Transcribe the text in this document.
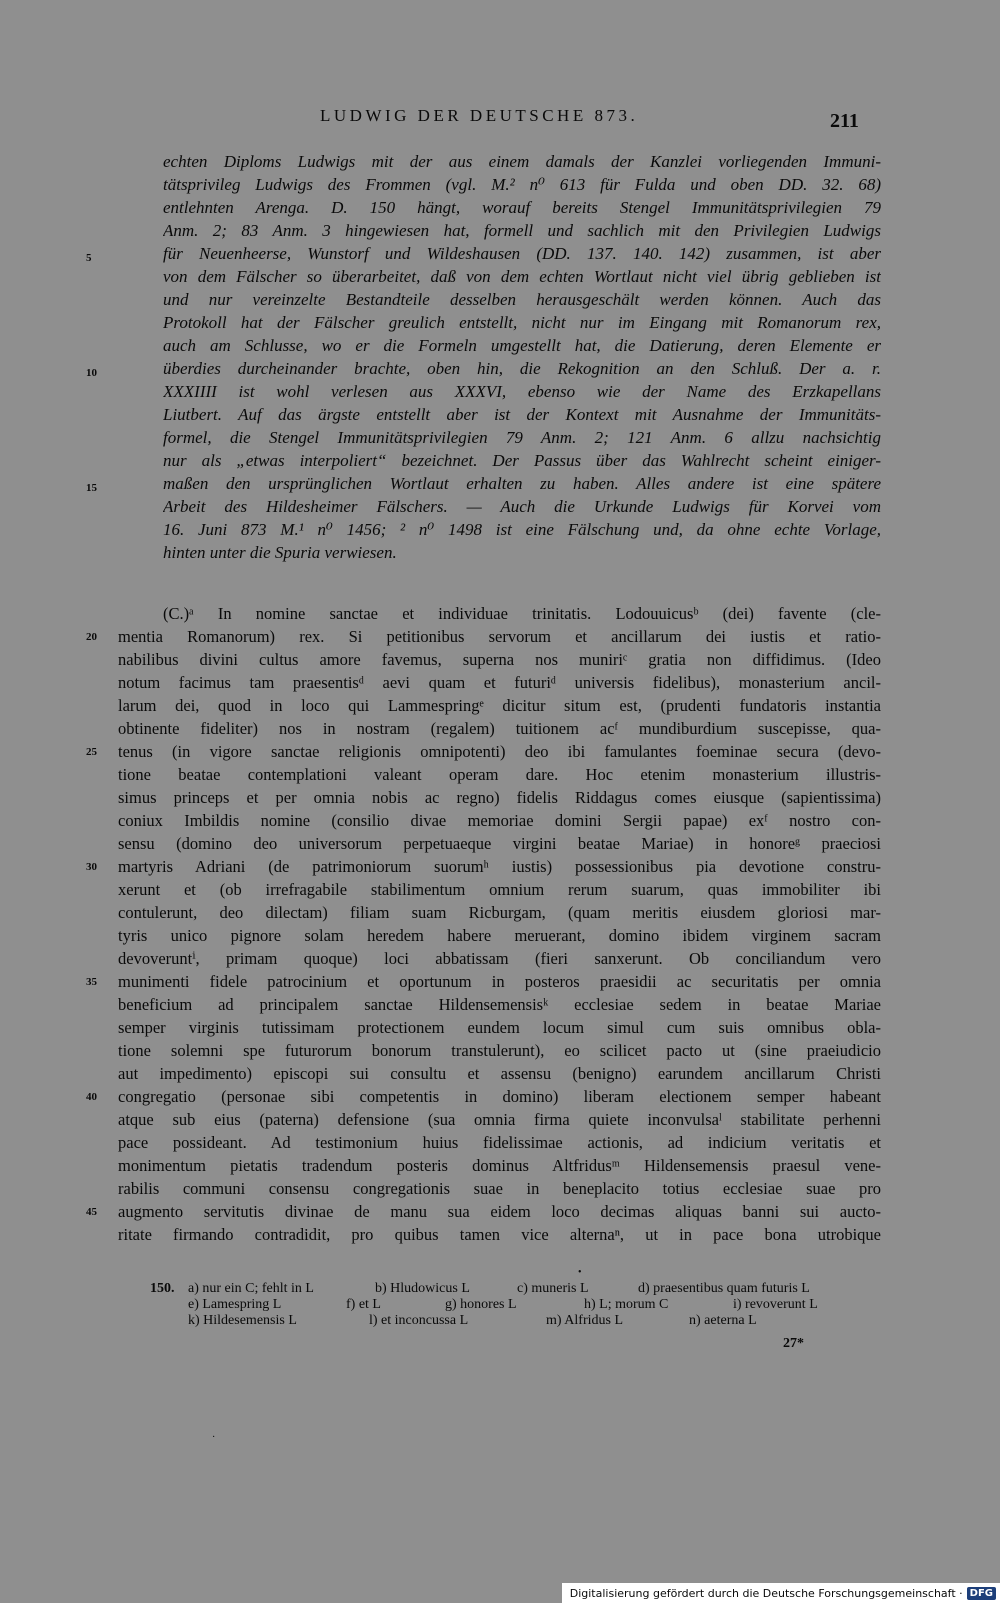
LUDWIG DER DEUTSCHE 873.	211
echten Diploms Ludwigs mit der aus einem damals der Kanzlei vorliegenden Immuni-
tätsprivileg Ludwigs des Frommen (vgl. M.² n⁰ 613 für Fulda und oben DD. 32. 68)
entlehnten Arenga. D. 150 hängt, worauf bereits Stengel Immunitätsprivilegien 79
Anm. 2; 83 Anm. 3 hingewiesen hat, formell und sachlich mit den Privilegien Ludwigs
für Neuenheerse, Wunstorf und Wildeshausen (DD. 137. 140. 142) zusammen, ist aber
von dem Fälscher so überarbeitet, daß von dem echten Wortlaut nicht viel übrig geblieben ist
und nur vereinzelte Bestandteile desselben herausgeschält werden können. Auch das
Protokoll hat der Fälscher greulich entstellt, nicht nur im Eingang mit Romanorum rex,
auch am Schlusse, wo er die Formeln umgestellt hat, die Datierung, deren Elemente er
überdies durcheinander brachte, oben hin, die Rekognition an den Schluß. Der a. r.
XXXIIII ist wohl verlesen aus XXXVI, ebenso wie der Name des Erzkapellans
Liutbert. Auf das ärgste entstellt aber ist der Kontext mit Ausnahme der Immunitäts-
formel, die Stengel Immunitätsprivilegien 79 Anm. 2; 121 Anm. 6 allzu nachsichtig
nur als „etwas interpoliert“ bezeichnet. Der Passus über das Wahlrecht scheint einiger-
maßen den ursprünglichen Wortlaut erhalten zu haben. Alles andere ist eine spätere
Arbeit des Hildesheimer Fälschers. — Auch die Urkunde Ludwigs für Korvei vom
16. Juni 873 M.¹ n⁰ 1456; ² n⁰ 1498 ist eine Fälschung und, da ohne echte Vorlage,
hinten unter die Spuria verwiesen.
5
10
15
(C.)ᵃ In nomine sanctae et individuae trinitatis. Lodouuicusᵇ (dei) favente (cle-
mentia Romanorum) rex. Si petitionibus servorum et ancillarum dei iustis et ratio-
nabilibus divini cultus amore favemus, superna nos muniriᶜ gratia non diffidimus. (Ideo
notum facimus tam praesentisᵈ aevi quam et futuriᵈ universis fidelibus), monasterium ancil-
larum dei, quod in loco qui Lammespringᵉ dicitur situm est, (prudenti fundatoris instantia
obtinente fideliter) nos in nostram (regalem) tuitionem acᶠ mundiburdium suscepisse, qua-
tenus (in vigore sanctae religionis omnipotenti) deo ibi famulantes foeminae secura (devo-
tione beatae contemplationi valeant operam dare. Hoc etenim monasterium illustris-
simus princeps et per omnia nobis ac regno) fidelis Riddagus comes eiusque (sapientissima)
coniux Imbildis nomine (consilio divae memoriae domini Sergii papae) exᶠ nostro con-
sensu (domino deo universorum perpetuaeque virgini beatae Mariae) in honoreᵍ praeciosi
martyris Adriani (de patrimoniorum suorumʰ iustis) possessionibus pia devotione constru-
xerunt et (ob irrefragabile stabilimentum omnium rerum suarum, quas immobiliter ibi
contulerunt, deo dilectam) filiam suam Ricburgam, (quam meritis eiusdem gloriosi mar-
tyris unico pignore solam heredem habere meruerant, domino ibidem virginem sacram
devoveruntⁱ, primam quoque) loci abbatissam (fieri sanxerunt. Ob conciliandum vero
munimenti fidele patrocinium et oportunum in posteros praesidii ac securitatis per omnia
beneficium ad principalem sanctae Hildensemensisᵏ ecclesiae sedem in beatae Mariae
semper virginis tutissimam protectionem eundem locum simul cum suis omnibus obla-
tione solemni spe futurorum bonorum transtulerunt), eo scilicet pacto ut (sine praeiudicio
aut impedimento) episcopi sui consultu et assensu (benigno) earundem ancillarum Christi
congregatio (personae sibi competentis in domino) liberam electionem semper habeant
atque sub eius (paterna) defensione (sua omnia firma quiete inconvulsaˡ stabilitate perhenni
pace possideant. Ad testimonium huius fidelissimae actionis, ad indicium veritatis et
monimentum pietatis tradendum posteris dominus Altfridusᵐ Hildensemensis praesul vene-
rabilis communi consensu congregationis suae in beneplacito totius ecclesiae suae pro
augmento servitutis divinae de manu sua eidem loco decimas aliquas banni sui aucto-
ritate firmando contradidit, pro quibus tamen vice alternaⁿ, ut in pace bona utrobique
20
25
30
35
40
45
•
150. a) nur ein C; fehlt in L	b) Hludowicus L	c) muneris L	d) praesentibus quam futuris L
e) Lamespring L	f) et L	g) honores L	h) L; morum C	i) revoverunt L
k) Hildesemensis L	l) et inconcussa L	m) Alfridus L	n) aeterna L
27*
·
Digitalisierung gefördert durch die Deutsche Forschungsgemeinschaft · DFG
